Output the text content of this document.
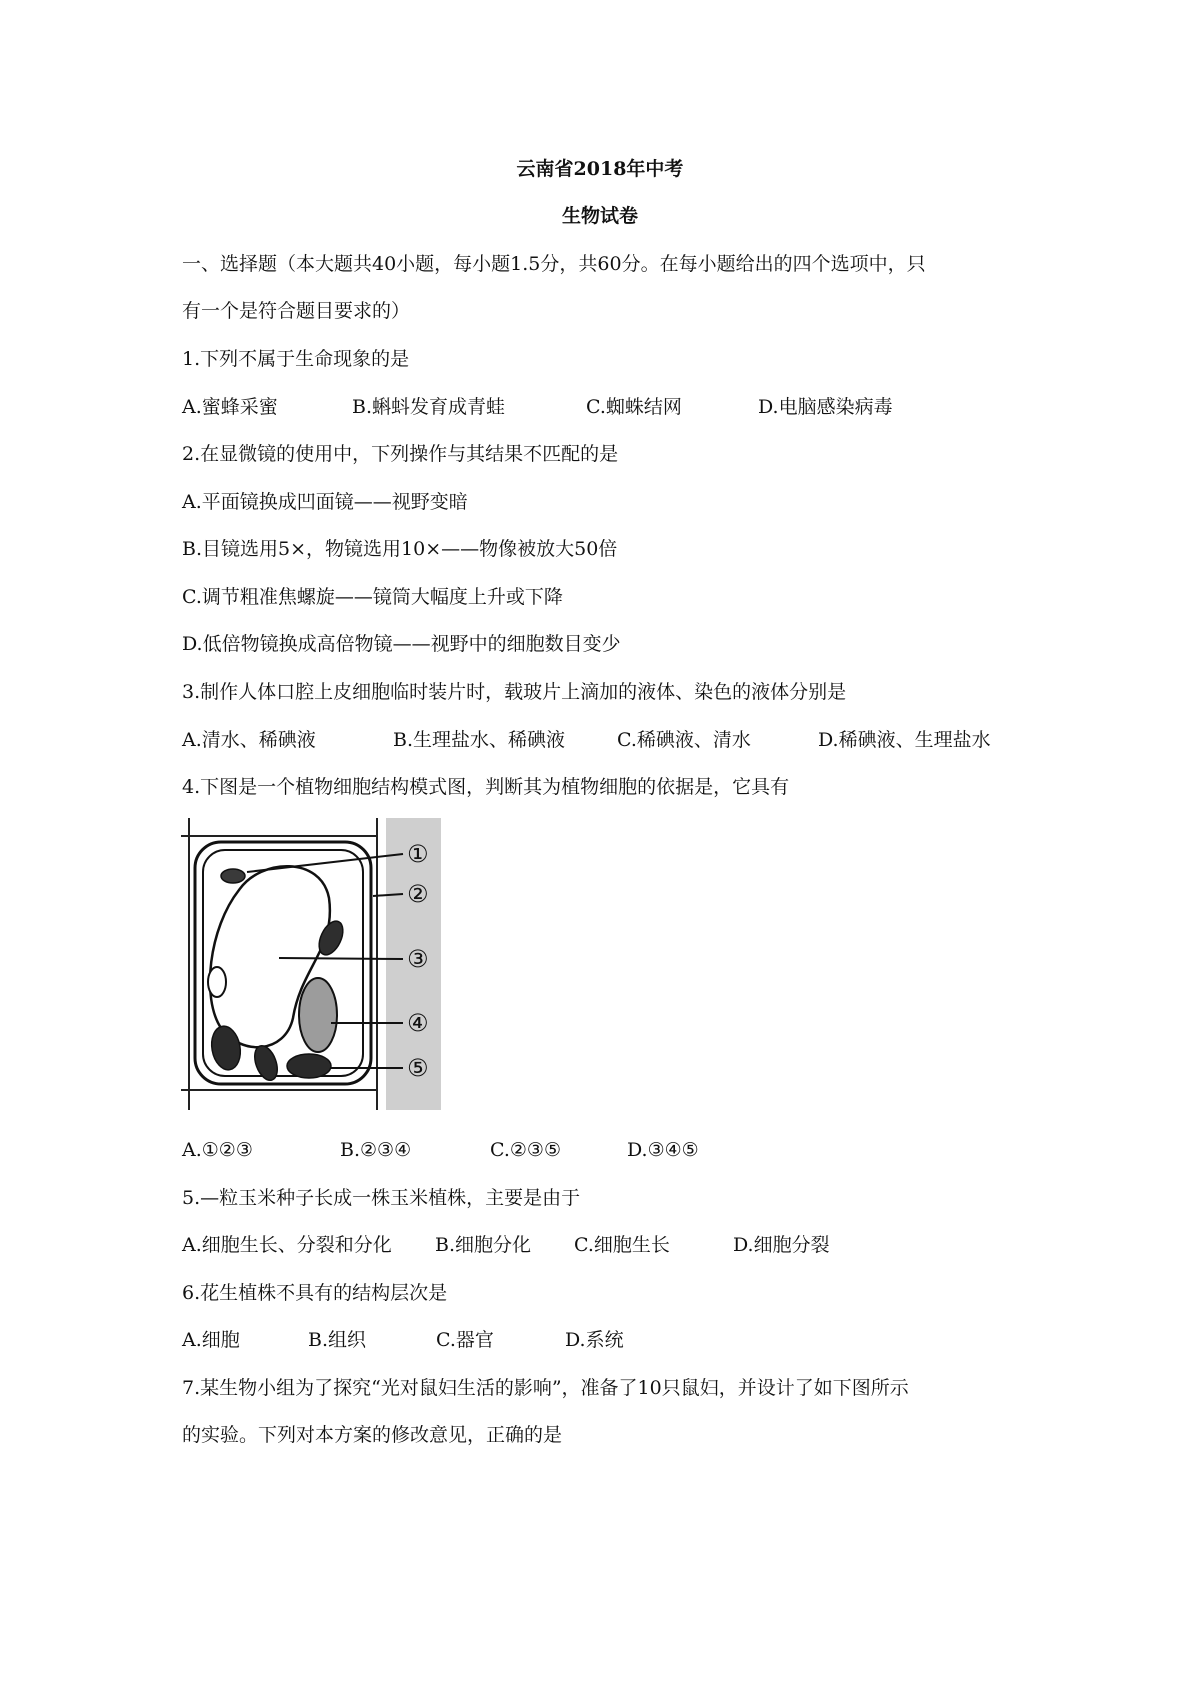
云南省2018年中考
生物试卷
一、选择题（本大题共40小题，每小题1.5分，共60分。在每小题给出的四个选项中，只
有一个是符合题目要求的）
1.下列不属于生命现象的是
A.蜜蜂采蜜	B.蝌蚪发育成青蛙	C.蜘蛛结网	D.电脑感染病毒
2.在显微镜的使用中，下列操作与其结果不匹配的是
A.平面镜换成凹面镜——视野变暗
B.目镜选用5×，物镜选用10×——物像被放大50倍
C.调节粗准焦螺旋——镜筒大幅度上升或下降
D.低倍物镜换成高倍物镜——视野中的细胞数目变少
3.制作人体口腔上皮细胞临时装片时，载玻片上滴加的液体、染色的液体分别是
A.清水、稀碘液	B.生理盐水、稀碘液	C.稀碘液、清水	D.稀碘液、生理盐水
4.下图是一个植物细胞结构模式图，判断其为植物细胞的依据是，它具有
①
②
③
④
⑤
A.①②③	B.②③④	C.②③⑤	D.③④⑤
5.—粒玉米种子长成一株玉米植株，主要是由于
A.细胞生长、分裂和分化 B.细胞分化 C.细胞生长	D.细胞分裂
6.花生植株不具有的结构层次是
A.细胞	B.组织	C.器官	D.系统
7.某生物小组为了探究“光对鼠妇生活的影响”，准备了10只鼠妇，并设计了如下图所示
的实验。下列对本方案的修改意见，正确的是
